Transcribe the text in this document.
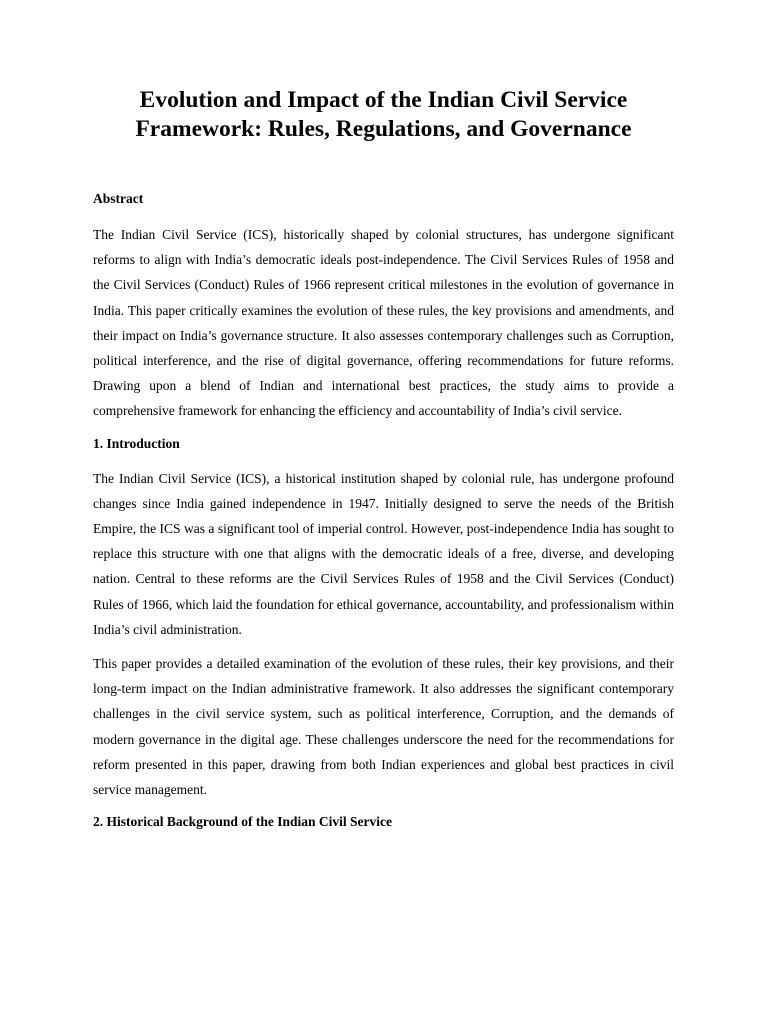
Evolution and Impact of the Indian Civil Service Framework: Rules, Regulations, and Governance
Abstract

The Indian Civil Service (ICS), historically shaped by colonial structures, has undergone significant reforms to align with India’s democratic ideals post-independence. The Civil Services Rules of 1958 and the Civil Services (Conduct) Rules of 1966 represent critical milestones in the evolution of governance in India. This paper critically examines the evolution of these rules, the key provisions and amendments, and their impact on India’s governance structure. It also assesses contemporary challenges such as Corruption, political interference, and the rise of digital governance, offering recommendations for future reforms. Drawing upon a blend of Indian and international best practices, the study aims to provide a comprehensive framework for enhancing the efficiency and accountability of India’s civil service.

1. Introduction

The Indian Civil Service (ICS), a historical institution shaped by colonial rule, has undergone profound changes since India gained independence in 1947. Initially designed to serve the needs of the British Empire, the ICS was a significant tool of imperial control. However, post-independence India has sought to replace this structure with one that aligns with the democratic ideals of a free, diverse, and developing nation. Central to these reforms are the Civil Services Rules of 1958 and the Civil Services (Conduct) Rules of 1966, which laid the foundation for ethical governance, accountability, and professionalism within India’s civil administration.

This paper provides a detailed examination of the evolution of these rules, their key provisions, and their long-term impact on the Indian administrative framework. It also addresses the significant contemporary challenges in the civil service system, such as political interference, Corruption, and the demands of modern governance in the digital age. These challenges underscore the need for the recommendations for reform presented in this paper, drawing from both Indian experiences and global best practices in civil service management.

2. Historical Background of the Indian Civil Service
